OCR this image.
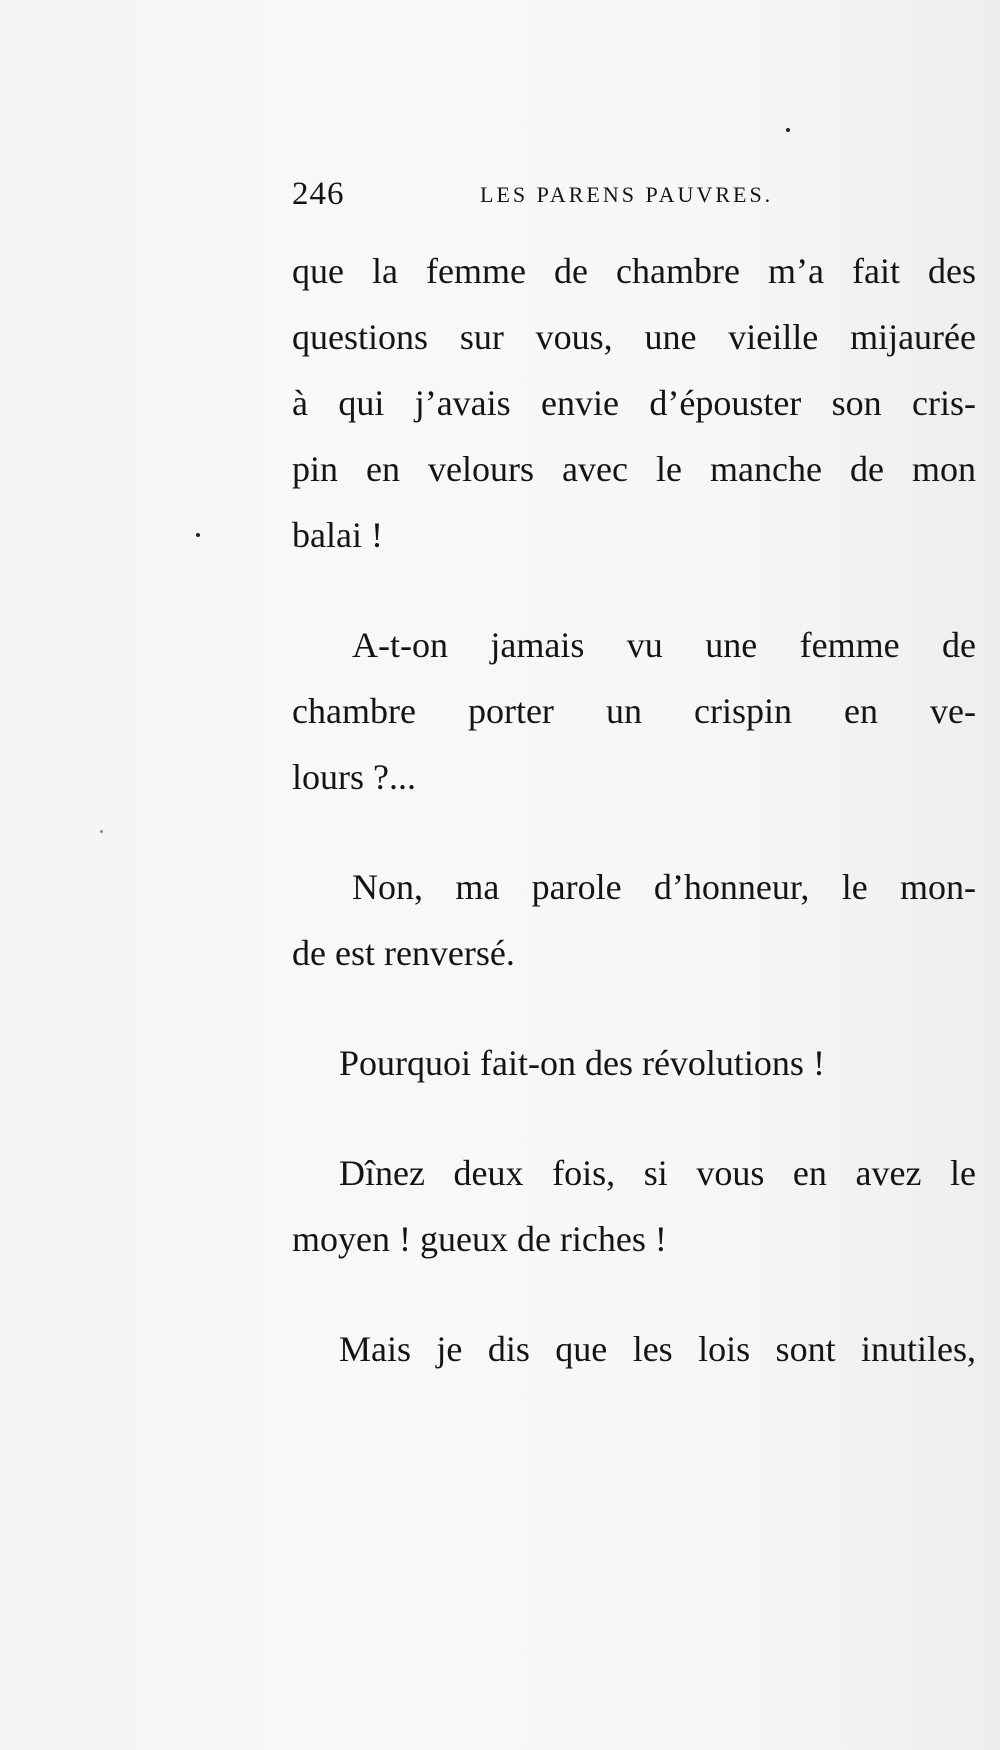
246	LES PARENS PAUVRES.
que la femme de chambre m’a fait des
questions sur vous, une vieille mijaurée
à qui j’avais envie d’épouster son cris-
pin en velours avec le manche de mon
balai !
A-t-on jamais vu une femme de
chambre porter un crispin en ve-
lours ?...
Non, ma parole d’honneur, le mon-
de est renversé.
Pourquoi fait-on des révolutions !
Dînez deux fois, si vous en avez le
moyen ! gueux de riches !
Mais je dis que les lois sont inutiles,
